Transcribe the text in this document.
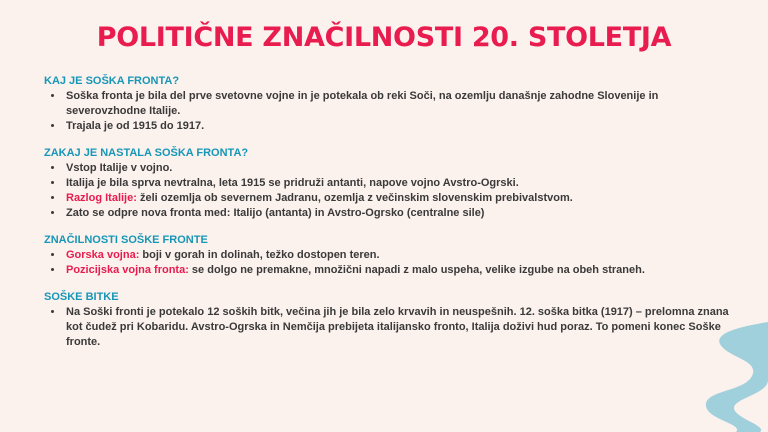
POLITIČNE ZNAČILNOSTI 20. STOLETJA
KAJ JE SOŠKA FRONTA?
• Soška fronta je bila del prve svetovne vojne in je potekala ob reki Soči, na ozemlju današnje zahodne Slovenije in severovzhodne Italije.
• Trajala je od 1915 do 1917.
ZAKAJ JE NASTALA SOŠKA FRONTA?
• Vstop Italije v vojno.
• Italija je bila sprva nevtralna, leta 1915 se pridruži antanti, napove vojno Avstro-Ogrski.
• Razlog Italije: želi ozemlja ob severnem Jadranu, ozemlja z večinskim slovenskim prebivalstvom.
• Zato se odpre nova fronta med: Italijo (antanta) in Avstro-Ogrsko (centralne sile)
ZNAČILNOSTI SOŠKE FRONTE
• Gorska vojna: boji v gorah in dolinah, težko dostopen teren.
• Pozicijska vojna fronta: se dolgo ne premakne, množični napadi z malo uspeha, velike izgube na obeh straneh.
SOŠKE BITKE
• Na Soški fronti je potekalo 12 soških bitk, večina jih je bila zelo krvavih in neuspešnih. 12. soška bitka (1917) – prelomna znana kot čudež pri Kobaridu. Avstro-Ogrska in Nemčija prebijeta italijansko fronto, Italija doživi hud poraz. To pomeni konec Soške fronte.
